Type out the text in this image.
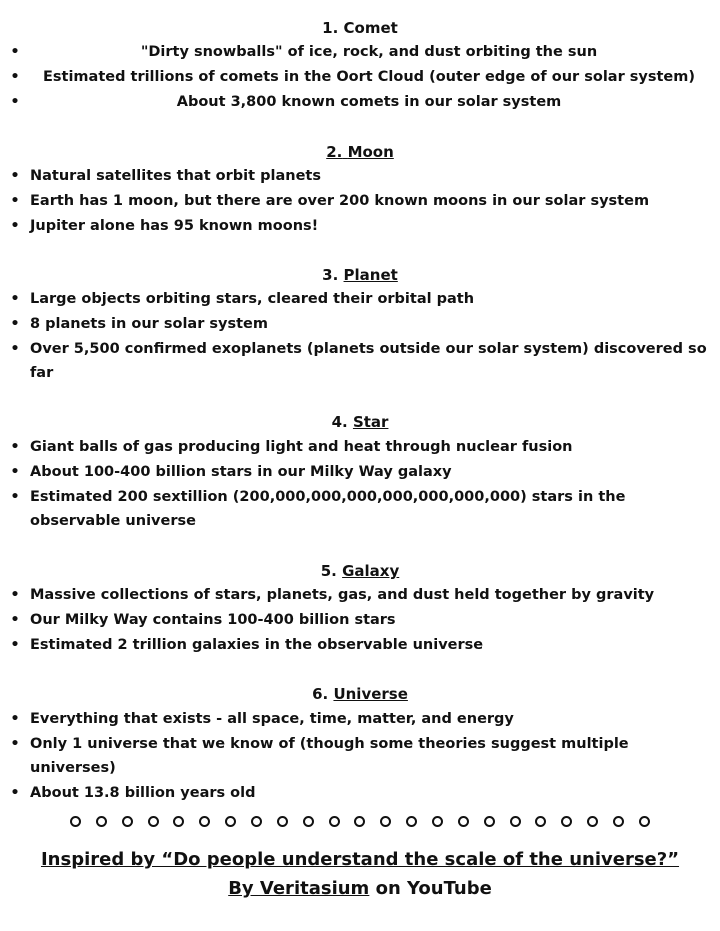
1. Comet
•	"Dirty snowballs" of ice, rock, and dust orbiting the sun
•	Estimated trillions of comets in the Oort Cloud (outer edge of our solar system)
•	About 3,800 known comets in our solar system
2. Moon
• Natural satellites that orbit planets
• Earth has 1 moon, but there are over 200 known moons in our solar system
• Jupiter alone has 95 known moons!
3. Planet
• Large objects orbiting stars, cleared their orbital path
• 8 planets in our solar system
• Over 5,500 confirmed exoplanets (planets outside our solar system) discovered so far
4. Star
• Giant balls of gas producing light and heat through nuclear fusion
• About 100-400 billion stars in our Milky Way galaxy
• Estimated 200 sextillion (200,000,000,000,000,000,000,000) stars in the observable universe
5. Galaxy
• Massive collections of stars, planets, gas, and dust held together by gravity
• Our Milky Way contains 100-400 billion stars
• Estimated 2 trillion galaxies in the observable universe
6. Universe
• Everything that exists - all space, time, matter, and energy
• Only 1 universe that we know of (though some theories suggest multiple universes)
• About 13.8 billion years old
Inspired by “Do people understand the scale of the universe?”
By Veritasium on YouTube
